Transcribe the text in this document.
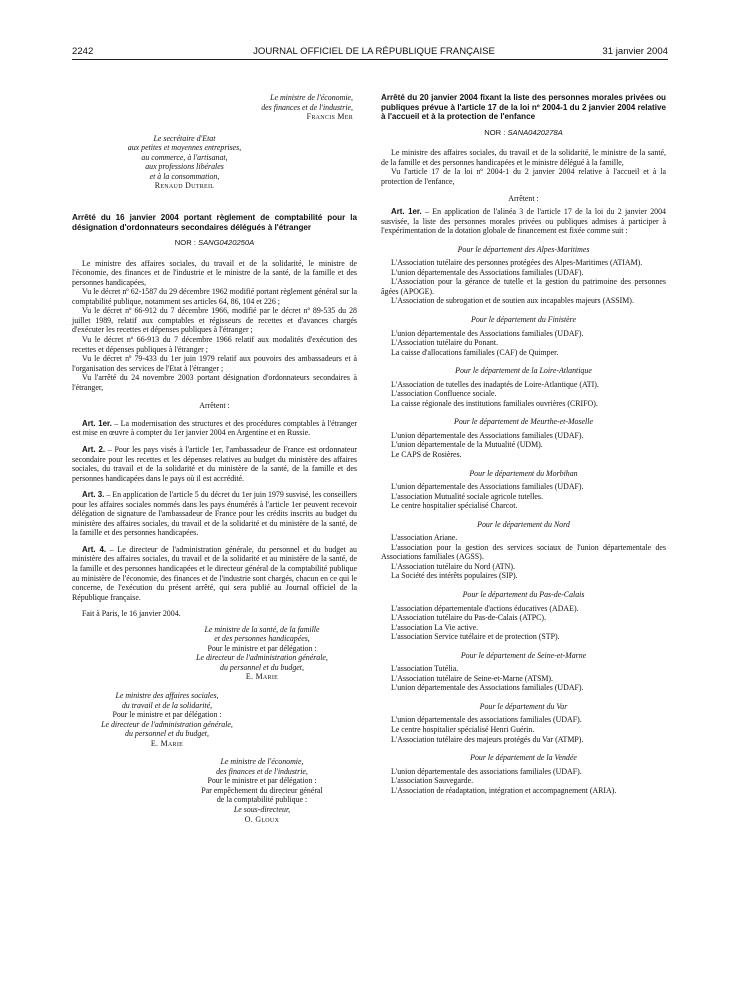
2242	JOURNAL OFFICIEL DE LA RÉPUBLIQUE FRANÇAISE	31 janvier 2004
Le ministre de l'économie,
des finances et de l'industrie,
Francis Mer
Le secrétaire d'Etat
aux petites et moyennes entreprises,
au commerce, à l'artisanat,
aux professions libérales
et à la consommation,
Renaud Dutreil
Arrêté du 16 janvier 2004 portant règlement de comptabilité pour la désignation d'ordonnateurs secondaires délégués à l'étranger
NOR : SANG0420250A

Le ministre des affaires sociales, du travail et de la solidarité, le ministre de l'économie, des finances et de l'industrie et le ministre de la santé, de la famille et des personnes handicapées,

Vu le décret nº 62-1587 du 29 décembre 1962 modifié portant règlement général sur la comptabilité publique, notamment ses articles 64, 86, 104 et 226 ;

Vu le décret nº 66-912 du 7 décembre 1966, modifié par le décret nº 89-535 du 28 juillet 1989, relatif aux comptables et régisseurs de recettes et d'avances chargés d'exécuter les recettes et dépenses publiques à l'étranger ;

Vu le décret nº 66-913 du 7 décembre 1966 relatif aux modalités d'exécution des recettes et dépenses publiques à l'étranger ;

Vu le décret nº 79-433 du 1er juin 1979 relatif aux pouvoirs des ambassadeurs et à l'organisation des services de l'Etat à l'étranger ;

Vu l'arrêté du 24 novembre 2003 portant désignation d'ordonnateurs secondaires à l'étranger,

Arrêtent :

Art. 1er. – La modernisation des structures et des procédures comptables à l'étranger est mise en œuvre à compter du 1er janvier 2004 en Argentine et en Russie.

Art. 2. – Pour les pays visés à l'article 1er, l'ambassadeur de France est ordonnateur secondaire pour les recettes et les dépenses relatives au budget du ministère des affaires sociales, du travail et de la solidarité et du ministère de la santé, de la famille et des personnes handicapées dans le pays où il est accrédité.

Art. 3. – En application de l'article 5 du décret du 1er juin 1979 susvisé, les conseillers pour les affaires sociales nommés dans les pays énumérés à l'article 1er peuvent recevoir délégation de signature de l'ambassadeur de France pour les crédits inscrits au budget du ministère des affaires sociales, du travail et de la solidarité et du ministère de la santé, de la famille et des personnes handicapées.

Art. 4. – Le directeur de l'administration générale, du personnel et du budget au ministère des affaires sociales, du travail et de la solidarité et au ministère de la santé, de la famille et des personnes handicapées et le directeur général de la comptabilité publique au ministère de l'économie, des finances et de l'industrie sont chargés, chacun en ce qui le concerne, de l'exécution du présent arrêté, qui sera publié au Journal officiel de la République française.

Fait à Paris, le 16 janvier 2004.

Le ministre de la santé, de la famille
et des personnes handicapées,
Pour le ministre et par délégation :
Le directeur de l'administration générale,
du personnel et du budget,
E. Marie
Le ministre des affaires sociales,
du travail et de la solidarité,
Pour le ministre et par délégation :
Le directeur de l'administration générale,
du personnel et du budget,
E. Marie
Le ministre de l'économie,
des finances et de l'industrie,
Pour le ministre et par délégation :
Par empêchement du directeur général
de la comptabilité publique :
Le sous-directeur,
O. Gloux
Arrêté du 20 janvier 2004 fixant la liste des personnes morales privées ou publiques prévue à l'article 17 de la loi nº 2004-1 du 2 janvier 2004 relative à l'accueil et à la protection de l'enfance
NOR : SANA0420278A

Le ministre des affaires sociales, du travail et de la solidarité, le ministre de la santé, de la famille et des personnes handicapées et le ministre délégué à la famille,

Vu l'article 17 de la loi nº 2004-1 du 2 janvier 2004 relative à l'accueil et à la protection de l'enfance,

Arrêtent :

Art. 1er. – En application de l'alinéa 3 de l'article 17 de la loi du 2 janvier 2004 susvisée, la liste des personnes morales privées ou publiques admises à participer à l'expérimentation de la dotation globale de financement est fixée comme suit :

Pour le département des Alpes-Maritimes

L'Association tutélaire des personnes protégées des Alpes-Maritimes (ATIAM).

L'union départementale des Associations familiales (UDAF).

L'Association pour la gérance de tutelle et la gestion du patrimoine des personnes âgées (APOGE).

L'Association de subrogation et de soutien aux incapables majeurs (ASSIM).

Pour le département du Finistère

L'union départementale des Associations familiales (UDAF).

L'Association tutélaire du Ponant.

La caisse d'allocations familiales (CAF) de Quimper.

Pour le département de la Loire-Atlantique

L'Association de tutelles des inadaptés de Loire-Atlantique (ATI).

L'association Confluence sociale.

La caisse régionale des institutions familiales ouvrières (CRIFO).

Pour le département de Meurthe-et-Moselle

L'union départementale des Associations familiales (UDAF).

L'union départementale de la Mutualité (UDM).

Le CAPS de Rosières.

Pour le département du Morbihan

L'union départementale des Associations familiales (UDAF).

L'association Mutualité sociale agricole tutelles.

Le centre hospitalier spécialisé Charcot.

Pour le département du Nord

L'association Ariane.

L'association pour la gestion des services sociaux de l'union départementale des Associations familiales (AGSS).

L'Association tutélaire du Nord (ATN).

La Société des intérêts populaires (SIP).

Pour le département du Pas-de-Calais

L'association départementale d'actions éducatives (ADAE).

L'Association tutélaire du Pas-de-Calais (ATPC).

L'association La Vie active.

L'association Service tutélaire et de protection (STP).

Pour le département de Seine-et-Marne

L'association Tutélia.

L'Association tutélaire de Seine-et-Marne (ATSM).

L'union départementale des Associations familiales (UDAF).

Pour le département du Var

L'union départementale des associations familiales (UDAF).

Le centre hospitalier spécialisé Henri Guérin.

L'Association tutélaire des majeurs protégés du Var (ATMP).

Pour le département de la Vendée

L'union départementale des associations familiales (UDAF).

L'association Sauvegarde.

L'Association de réadaptation, intégration et accompagnement (ARIA).
